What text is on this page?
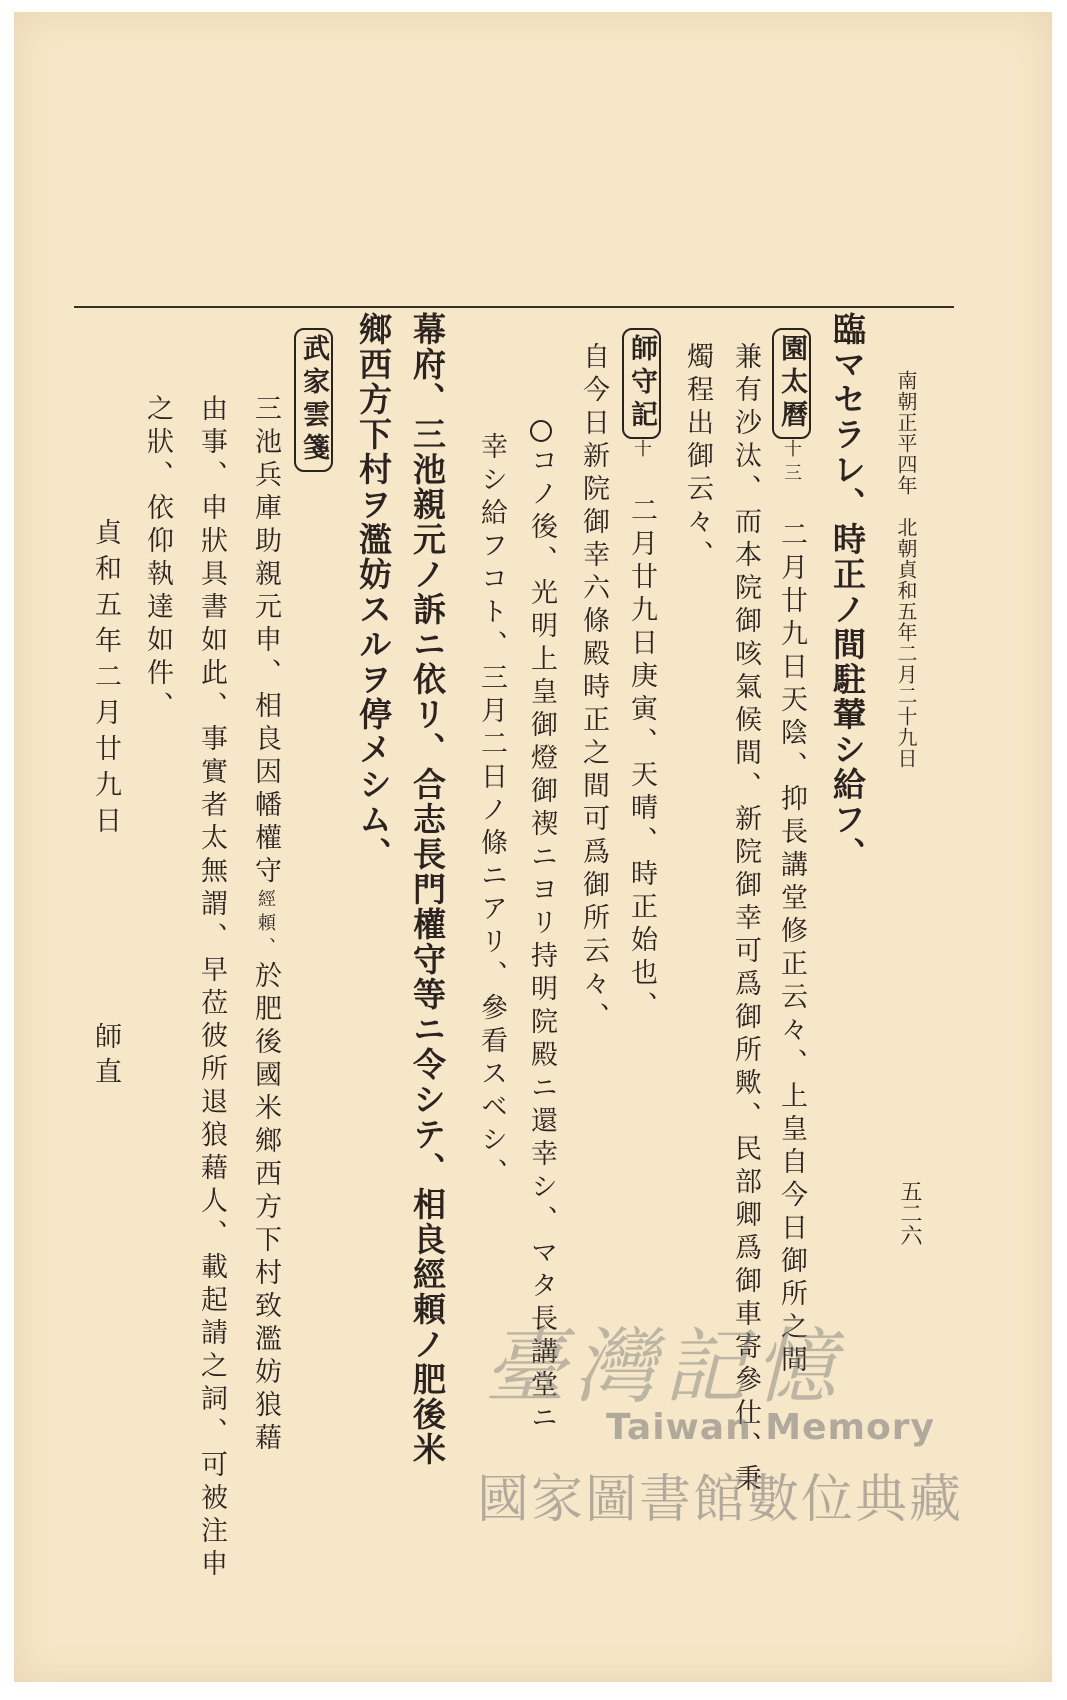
南朝正平四年　北朝貞和五年二月二十九日
五二六
臨マセラレ、時正ノ間駐輦シ給フ、
園太曆十三　二月廿九日天陰、抑長講堂修正云々、上皇自今日御所之間
兼有沙汰、而本院御咳氣候間、新院御幸可爲御所歟、民部卿爲御車寄參仕、秉
燭程出御云々、
師守記十　二月廿九日庚寅、天晴、時正始也、
自今日新院御幸六條殿時正之間可爲御所云々、
コノ後、光明上皇御燈御禊ニヨリ持明院殿ニ還幸シ、マタ長講堂ニ
幸シ給フコト、三月二日ノ條ニアリ、參看スベシ、
幕府、三池親元ノ訴ニ依リ、合志長門權守等ニ令シテ、相良經頼ノ肥後米
鄉西方下村ヲ濫妨スルヲ停メシム、
武家雲箋
三池兵庫助親元申、相良因幡權守經頼、於肥後國米鄉西方下村致濫妨狼藉
由事、申狀具書如此、事實者太無謂、早莅彼所退狼藉人、載起請之詞、可被注申
之狀、依仰執達如件、
貞和五年二月廿九日
師直
臺灣記憶
Taiwan Memory
國家圖書館數位典藏
